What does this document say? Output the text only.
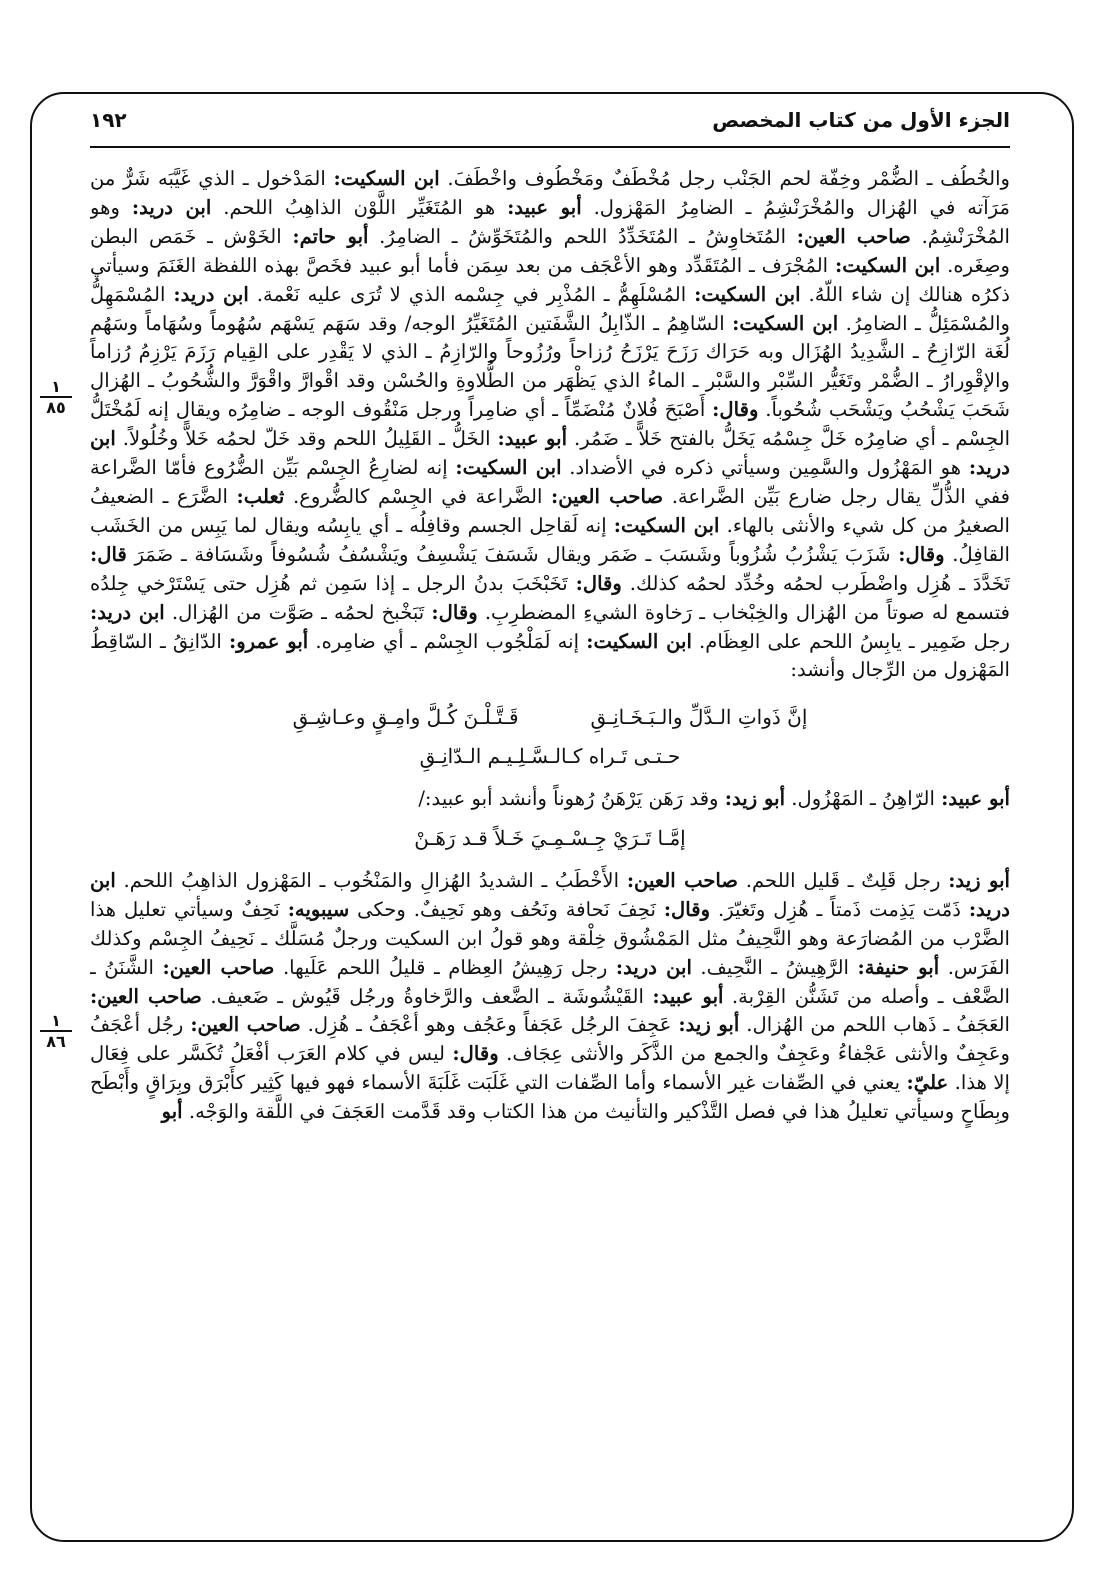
الجزء الأول من كتاب المخصص
١٩٢
١
٨٥
١
٨٦

والخُطُف ـ الضُّمْر وخِفّة لحم الجَنْب رجل مُخْطَفٌ ومَخْطُوف واخْطَفَ. ابن السكيت: المَدْخول ـ الذي غَيَّبَه شَرٌّ من مَرَآته في الهُزال والمُخْرَنْشِمُ ـ الضامِرُ المَهْزول. أبو عبيد: هو المُتَغَيِّر اللَّوْن الذاهِبُ اللحم. ابن دريد: وهو المُخْرَنْشِمُ. صاحب العين: المُتَخاوِشُ ـ المُتَخَدِّدُ اللحم والمُتَخَوِّشُ ـ الضامِرُ. أبو حاتم: الخَوْش ـ خَمَص البطن وصِغَره. ابن السكيت: المُجْرَف ـ المُتَقَدِّد وهو الأعْجَف من بعد سِمَن فأما أبو عبيد فخَصَّ بهذه اللفظة الغَنَمَ وسيأتي ذكرُه هنالك إن شاء اللّهُ. ابن السكيت: المُسْلَهِمُّ ـ المُذْبِر في جِسْمه الذي لا تُرَى عليه نَعْمة. ابن دريد: المُسْمَهِلُّ والمُسْمَئِلُّ ـ الضامِرُ. ابن السكيت: السّاهِمُ ـ الذّابِلُ الشَّفَتين المُتَغَيِّرُ الوجه/ وقد سَهَم يَسْهَم سُهُوماً وسُهَاماً وسَهُم لُغَة الرّازِحُ ـ الشَّدِيدُ الهُزَال وبه حَرَاك رَزَحَ يَرْزَحُ رُزاحاً ورُزُوحاً والرّازِمُ ـ الذي لا يَقْدِر على القِيام رَزَمَ يَرْزِمُ رُزاماً والإقْوِرارُ ـ الضُّمْر وتَغَيُّر السِّبْر والسَّبْر ـ الماءُ الذي يَظْهَر من الطُّلاوةِ والحُسْن وقد اقْوارَّ واقْوَرَّ والشُّحُوبُ ـ الهُزال شَحَبَ يَشْحُبُ ويَشْحَب شُحُوباً. وقال: أَصْبَحَ فُلانٌ مُنْضَمِّاً ـ أي ضامِراً ورجل مَنْقُوف الوجه ـ ضامِرُه ويقال إنه لَمُخْتَلُّ الجِسْم ـ أي ضامِرُه خَلَّ جِسْمُه يَخَلُّ بالفتح خَلاًّ ـ ضَمُر. أبو عبيد: الخَلُّ ـ القَلِيلُ اللحم وقد خَلّ لحمُه خَلاًّ وخُلُولاً. ابن دريد: هو المَهْزُول والسَّمِين وسيأتي ذكره في الأضداد. ابن السكيت: إنه لضارِعُ الجِسْم بَيِّن الضُّرُوع فأمّا الضَّراعة ففي الذُّلِّ يقال رجل ضارع بَيِّن الضَّراعة. صاحب العين: الضَّراعة في الجِسْم كالضُّروع. ثعلب: الضَّرَع ـ الضعيفُ الصغيرُ من كل شيء والأنثى بالهاء. ابن السكيت: إنه لَقاحِل الجسم وقافِلُه ـ أي يابِسُه ويقال لما يَبِس من الخَشَب القافِلُ. وقال: شَزَبَ يَشْزُبُ شُزُوباً وشَسَبَ ـ ضَمَر ويقال شَسَفَ يَشْسِفُ ويَشْسُفُ شُسُوفاً وشَسَافة ـ ضَمَرَ قال: تَخَدَّدَ ـ هُزِل واضْطَرب لحمُه وخُدِّد لحمُه كذلك. وقال: تَخَبْخَبَ بدنُ الرجل ـ إذا سَمِن ثم هُزِل حتى يَسْتَرْخي جِلدُه فتسمع له صوتاً من الهُزال والخِبْخاب ـ رَخاوة الشيءِ المضطرِبِ. وقال: تَبَخْبخ لحمُه ـ صَوَّت من الهُزال. ابن دريد: رجل ضَمِير ـ يابِسُ اللحم على العِظَام. ابن السكيت: إنه لَمَلْجُوب الجِسْم ـ أي ضامِره. أبو عمرو: الدّانِقُ ـ السّاقِطُ المَهْزول من الرِّجال وأنشد:

إنَّ ذَواتِ الـدَّلِّ والـبَـخَـانِـقِ
قَـتَّـلْـنَ كُـلَّ وامِـقٍ وعـاشِـقِ
حـتـى تَـراه كـالـسَّـلِـيـم الـدّانِـقِ

أبو عبيد: الرّاهِنُ ـ المَهْزُول. أبو زيد: وقد رَهَن يَرْهَنُ رُهوناً وأنشد أبو عبيد:/

إمَّـا تَـرَيْ جِـسْـمِـيَ خَـلاً قـد رَهَـنْ

أبو زيد: رجل قَلِتٌ ـ قَليل اللحم. صاحب العين: الأَخْطَبُ ـ الشديدُ الهُزالِ والمَنْخُوب ـ المَهْزول الذاهِبُ اللحم. ابن دريد: ذَمّت يَذِمت ذَمتاً ـ هُزِل وتَغيّرَ. وقال: نَحِفَ نَحافة ونَحُف وهو نَحِيفٌ. وحكى سيبويه: نَحِفٌ وسيأتي تعليل هذا الضَّرْب من المُضارَعة وهو النَّحِيفُ مثل المَمْشُوق خِلْقة وهو قولُ ابن السكيت ورجلٌ مُسَلَّك ـ نَحِيفُ الجِسْم وكذلك الفَرَس. أبو حنيفة: الرَّهِيشُ ـ النَّحِيف. ابن دريد: رجل رَهِيشُ العِظام ـ قليلُ اللحم عَلَيها. صاحب العين: الشَّنَنُ ـ الضَّعْف ـ وأصله من تَشَنُّن القِرْبة. أبو عبيد: القَيْشُوشَة ـ الضَّعف والرَّخاوةُ ورجُل قَيُوش ـ ضَعيف. صاحب العين: العَجَفُ ـ ذَهاب اللحم من الهُزال. أبو زيد: عَجِفَ الرجُل عَجَفاً وعَجُف وهو أعْجَفُ ـ هُزِل. صاحب العين: رجُل أعْجَفُ وعَجِفٌ والأنثى عَجْفاءُ وعَجِفٌ والجمع من الذَّكَر والأنثى عِجَاف. وقال: ليس في كلام العَرَب أفْعَلُ تُكَسَّر على فِعَال إلا هذا. عليّ: يعني في الصِّفات غير الأسماء وأما الصِّفات التي غَلَبَت غَلَبَةَ الأسماء فهو فيها كَثِير كأَبْرَق وبِرَاقٍ وأَبْطَح وبِطَاحٍ وسيأتي تعليلُ هذا في فصل التَّذْكير والتأنيث من هذا الكتاب وقد قَدَّمت العَجَفَ في اللَّقة والوَجْه. أبو
